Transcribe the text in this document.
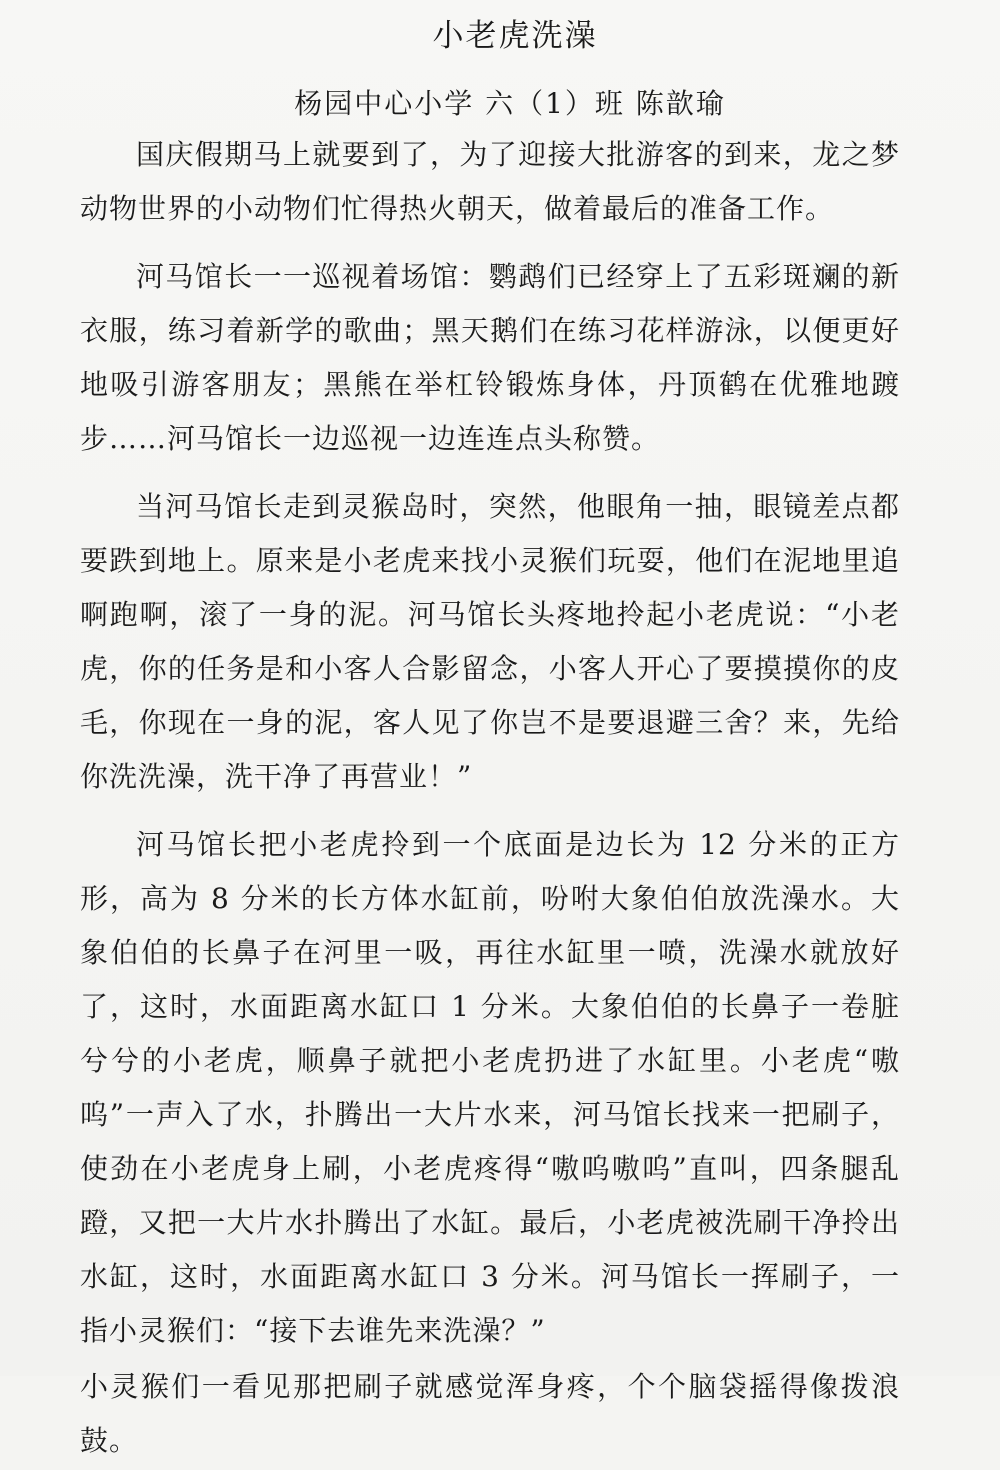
小老虎洗澡
杨园中心小学 六（1）班 陈歆瑜

国庆假期马上就要到了，为了迎接大批游客的到来，龙之梦动物世界的小动物们忙得热火朝天，做着最后的准备工作。

河马馆长一一巡视着场馆：鹦鹉们已经穿上了五彩斑斓的新衣服，练习着新学的歌曲；黑天鹅们在练习花样游泳，以便更好地吸引游客朋友；黑熊在举杠铃锻炼身体，丹顶鹤在优雅地踱步……河马馆长一边巡视一边连连点头称赞。

当河马馆长走到灵猴岛时，突然，他眼角一抽，眼镜差点都要跌到地上。原来是小老虎来找小灵猴们玩耍，他们在泥地里追啊跑啊，滚了一身的泥。河马馆长头疼地拎起小老虎说：“小老虎，你的任务是和小客人合影留念，小客人开心了要摸摸你的皮毛，你现在一身的泥，客人见了你岂不是要退避三舍？来，先给你洗洗澡，洗干净了再营业！”

河马馆长把小老虎拎到一个底面是边长为 12 分米的正方形，高为 8 分米的长方体水缸前，吩咐大象伯伯放洗澡水。大象伯伯的长鼻子在河里一吸，再往水缸里一喷，洗澡水就放好了，这时，水面距离水缸口 1 分米。大象伯伯的长鼻子一卷脏兮兮的小老虎，顺鼻子就把小老虎扔进了水缸里。小老虎“嗷呜”一声入了水，扑腾出一大片水来，河马馆长找来一把刷子，使劲在小老虎身上刷，小老虎疼得“嗷呜嗷呜”直叫，四条腿乱蹬，又把一大片水扑腾出了水缸。最后，小老虎被洗刷干净拎出水缸，这时，水面距离水缸口 3 分米。河马馆长一挥刷子，一指小灵猴们：“接下去谁先来洗澡？”

小灵猴们一看见那把刷子就感觉浑身疼，个个脑袋摇得像拨浪鼓。
